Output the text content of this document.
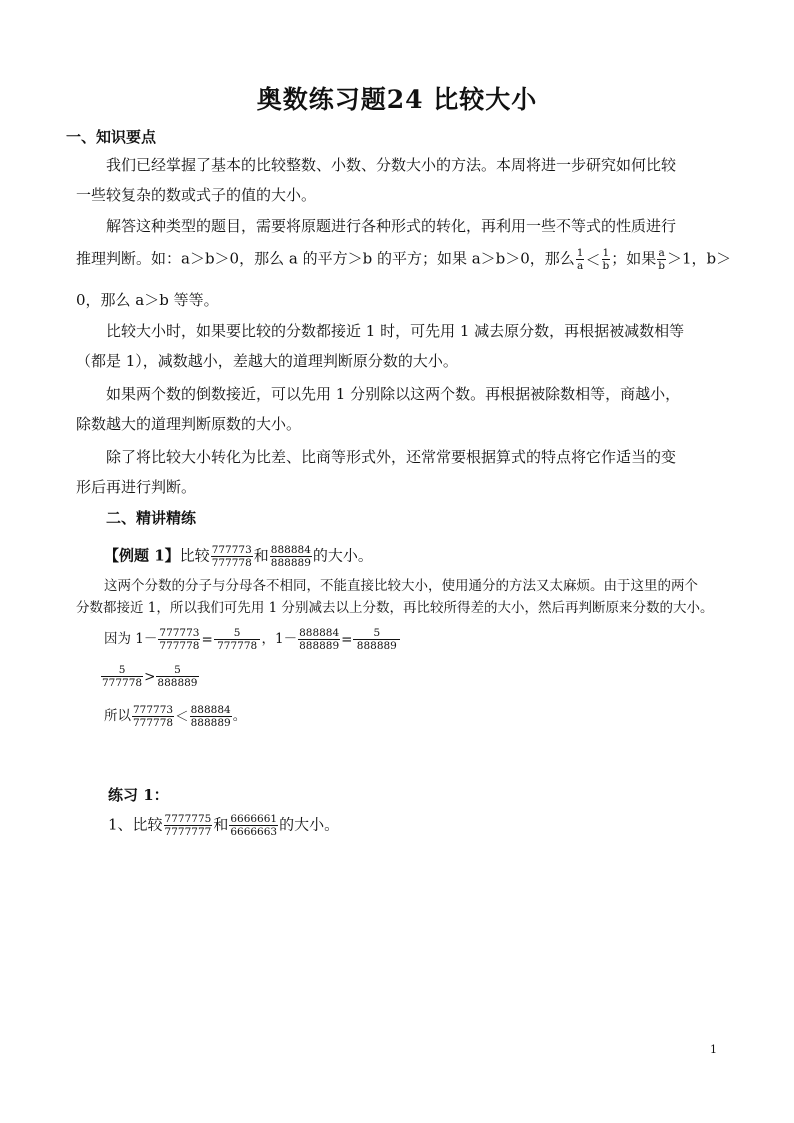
奥数练习题24 比较大小
一、知识要点
我们已经掌握了基本的比较整数、小数、分数大小的方法。本周将进一步研究如何比较
一些较复杂的数或式子的值的大小。
解答这种类型的题目，需要将原题进行各种形式的转化，再利用一些不等式的性质进行
推理判断。如：a＞b＞0，那么 a 的平方＞b 的平方；如果 a＞b＞0，那么 $\frac{1}{a} < \frac{1}{b}$ ；如果 $\frac{a}{b} >1$，b＞
0，那么 a＞b 等等。
比较大小时，如果要比较的分数都接近 1 时，可先用 1 减去原分数，再根据被减数相等
（都是 1），减数越小，差越大的道理判断原分数的大小。
如果两个数的倒数接近，可以先用 1 分别除以这两个数。再根据被除数相等，商越小，
除数越大的道理判断原数的大小。
除了将比较大小转化为比差、比商等形式外，还常常要根据算式的特点将它作适当的变
形后再进行判断。
二、精讲精练
【例题 1】比较 $\frac{777773}{777778}$ 和 $\frac{888884}{888889}$ 的大小。
这两个分数的分子与分母各不相同，不能直接比较大小，使用通分的方法又太麻烦。由于这里的两个
分数都接近 1，所以我们可先用 1 分别减去以上分数，再比较所得差的大小，然后再判断原来分数的大小。
因为 $1- \frac{777773}{777778} = \frac{5}{777778}$ ，$1- \frac{888884}{888889} = \frac{5}{888889}$
$\frac{5}{777778} > \frac{5}{888889}$
所以 $\frac{777773}{777778} < \frac{888884}{888889}$ 。
练习 1：
1、比较 $\frac{7777775}{7777777}$ 和 $\frac{6666661}{6666663}$ 的大小。
1
